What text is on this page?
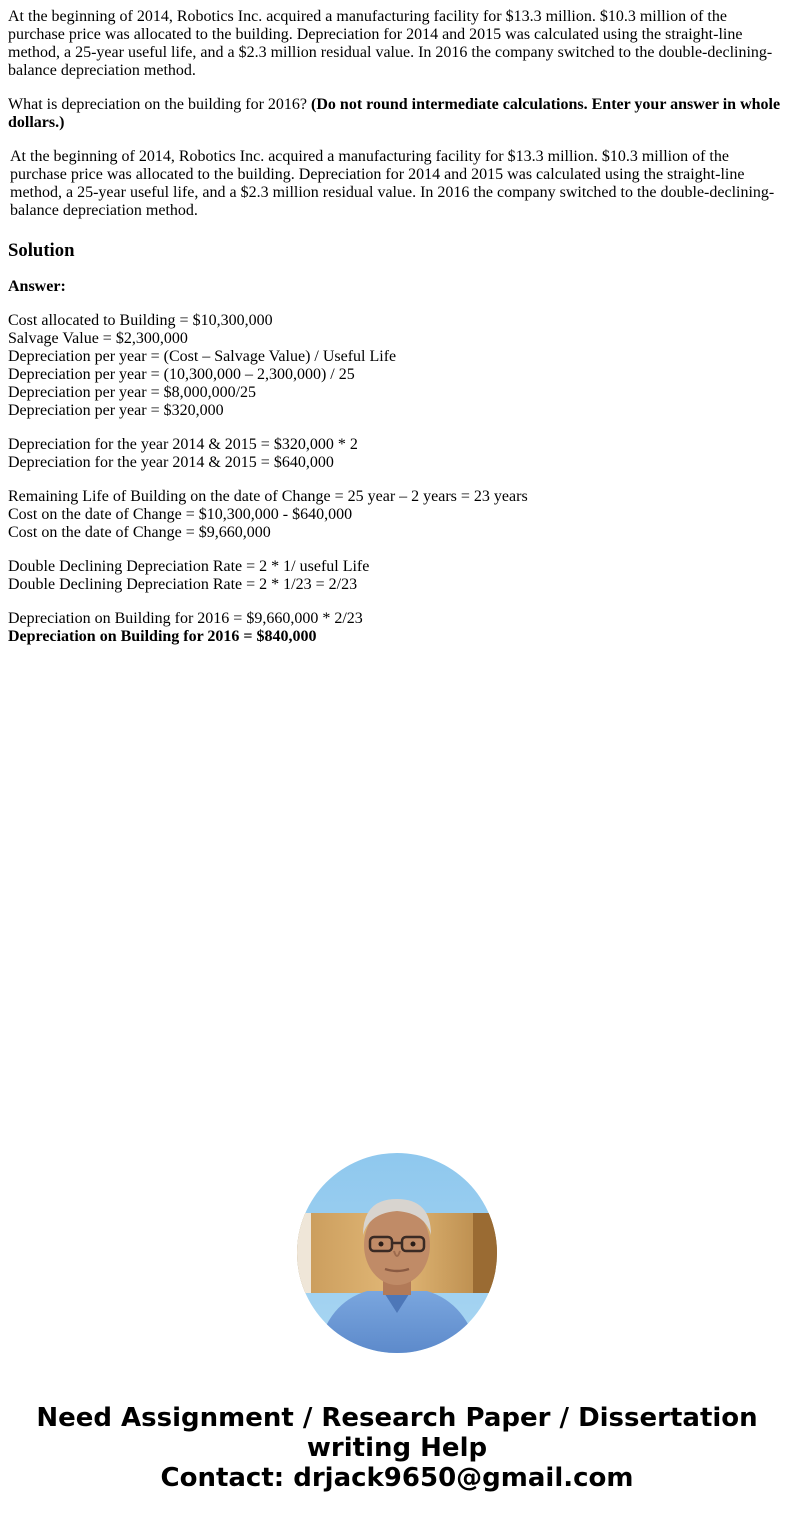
At the beginning of 2014, Robotics Inc. acquired a manufacturing facility for $13.3 million. $10.3 million of the purchase price was allocated to the building. Depreciation for 2014 and 2015 was calculated using the straight-line method, a 25-year useful life, and a $2.3 million residual value. In 2016 the company switched to the double-declining-balance depreciation method.

What is depreciation on the building for 2016? (Do not round intermediate calculations. Enter your answer in whole dollars.)

At the beginning of 2014, Robotics Inc. acquired a manufacturing facility for $13.3 million. $10.3 million of the purchase price was allocated to the building. Depreciation for 2014 and 2015 was calculated using the straight-line method, a 25-year useful life, and a $2.3 million residual value. In 2016 the company switched to the double-declining-balance depreciation method.

Solution

Answer:

Cost allocated to Building = $10,300,000
Salvage Value = $2,300,000
Depreciation per year = (Cost – Salvage Value) / Useful Life
Depreciation per year = (10,300,000 – 2,300,000) / 25
Depreciation per year = $8,000,000/25
Depreciation per year = $320,000
Depreciation for the year 2014 & 2015 = $320,000 * 2
Depreciation for the year 2014 & 2015 = $640,000
Remaining Life of Building on the date of Change = 25 year – 2 years = 23 years
Cost on the date of Change = $10,300,000 - $640,000
Cost on the date of Change = $9,660,000
Double Declining Depreciation Rate = 2 * 1/ useful Life
Double Declining Depreciation Rate = 2 * 1/23 = 2/23
Depreciation on Building for 2016 = $9,660,000 * 2/23
Depreciation on Building for 2016 = $840,000
Need Assignment / Research Paper / Dissertation
writing Help
Contact: drjack9650@gmail.com
